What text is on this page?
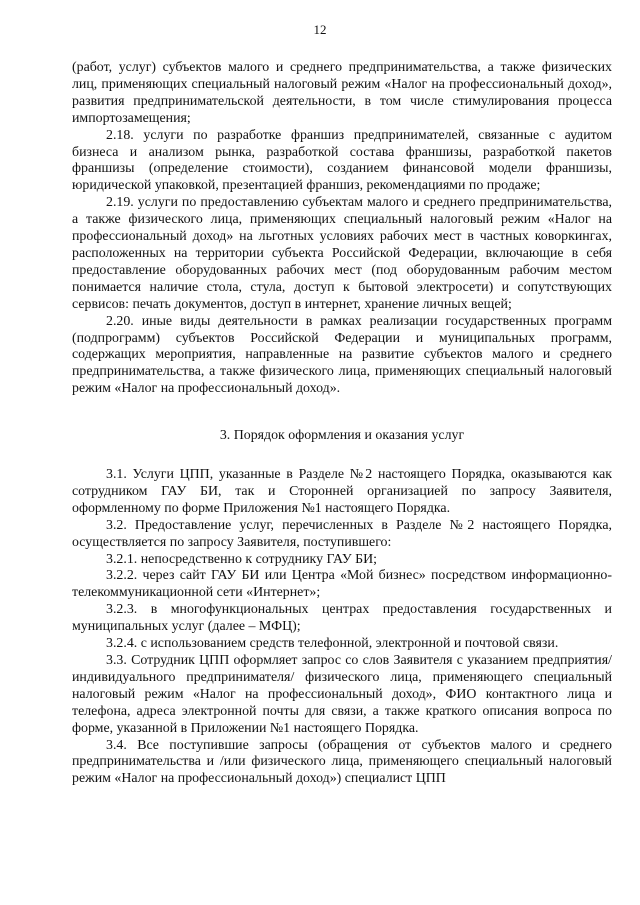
12

(работ, услуг) субъектов малого и среднего предпринимательства, а также физических лиц, применяющих специальный налоговый режим «Налог на профессиональный доход», развития предпринимательской деятельности, в том числе стимулирования процесса импортозамещения;

2.18. услуги по разработке франшиз предпринимателей, связанные с аудитом бизнеса и анализом рынка, разработкой состава франшизы, разработкой пакетов франшизы (определение стоимости), созданием финансовой модели франшизы, юридической упаковкой, презентацией франшиз, рекомендациями по продаже;

2.19. услуги по предоставлению субъектам малого и среднего предпринимательства, а также физического лица, применяющих специальный налоговый режим «Налог на профессиональный доход» на льготных условиях рабочих мест в частных коворкингах, расположенных на территории субъекта Российской Федерации, включающие в себя предоставление оборудованных рабочих мест (под оборудованным рабочим местом понимается наличие стола, стула, доступ к бытовой электросети) и сопутствующих сервисов: печать документов, доступ в интернет, хранение личных вещей;

2.20. иные виды деятельности в рамках реализации государственных программ (подпрограмм) субъектов Российской Федерации и муниципальных программ, содержащих мероприятия, направленные на развитие субъектов малого и среднего предпринимательства, а также физического лица, применяющих специальный налоговый режим «Налог на профессиональный доход».

3. Порядок оформления и оказания услуг

3.1. Услуги ЦПП, указанные в Разделе №2 настоящего Порядка, оказываются как сотрудником ГАУ БИ, так и Сторонней организацией по запросу Заявителя, оформленному по форме Приложения №1 настоящего Порядка.

3.2. Предоставление услуг, перечисленных в Разделе №2 настоящего Порядка, осуществляется по запросу Заявителя, поступившего:

3.2.1. непосредственно к сотруднику ГАУ БИ;

3.2.2. через сайт ГАУ БИ или Центра «Мой бизнес» посредством информационно-телекоммуникационной сети «Интернет»;

3.2.3. в многофункциональных центрах предоставления государственных и муниципальных услуг (далее – МФЦ);

3.2.4. с использованием средств телефонной, электронной и почтовой связи.

3.3. Сотрудник ЦПП оформляет запрос со слов Заявителя с указанием предприятия/индивидуального предпринимателя/ физического лица, применяющего специальный налоговый режим «Налог на профессиональный доход», ФИО контактного лица и телефона, адреса электронной почты для связи, а также краткого описания вопроса по форме, указанной в Приложении №1 настоящего Порядка.

3.4. Все поступившие запросы (обращения от субъектов малого и среднего предпринимательства и /или физического лица, применяющего специальный налоговый режим «Налог на профессиональный доход») специалист ЦПП
